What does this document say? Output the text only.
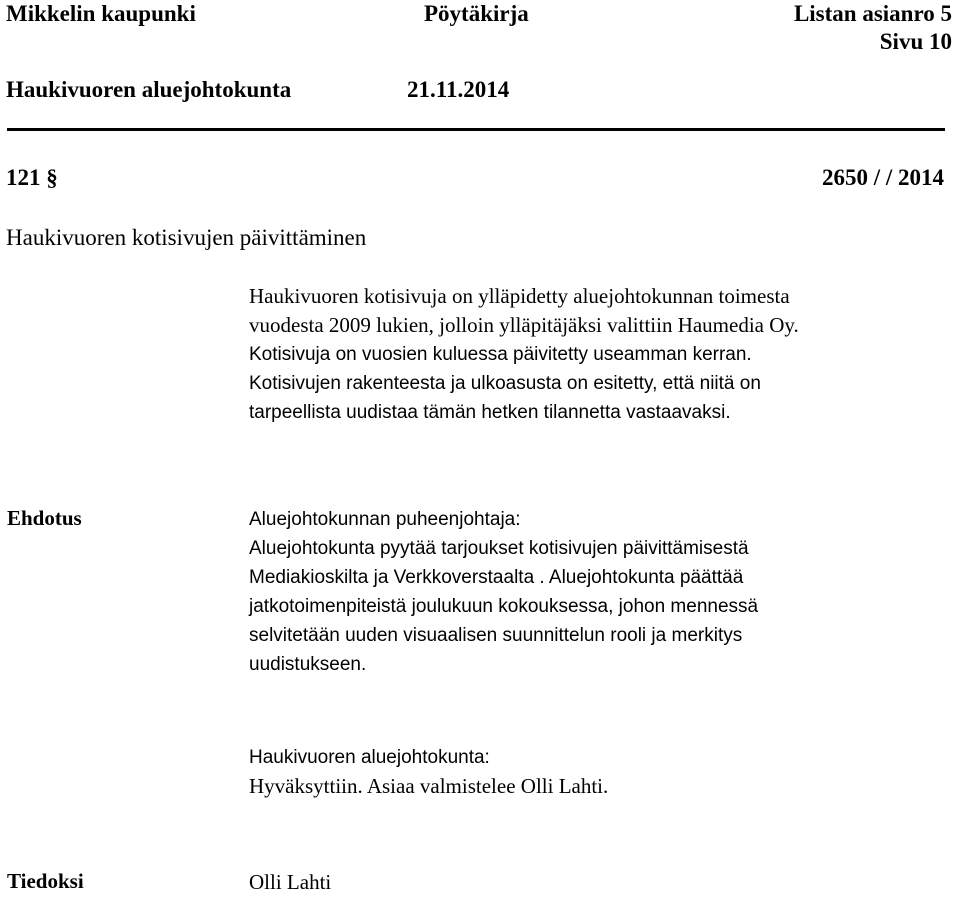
Mikkelin kaupunki	Pöytäkirja	Listan asianro 5
Sivu 10
Haukivuoren aluejohtokunta	21.11.2014
121 §	2650 / / 2014
Haukivuoren kotisivujen päivittäminen
Haukivuoren kotisivuja on ylläpidetty aluejohtokunnan toimesta
vuodesta 2009 lukien, jolloin ylläpitäjäksi valittiin Haumedia Oy.
Kotisivuja on vuosien kuluessa päivitetty useamman kerran.
Kotisivujen rakenteesta ja ulkoasusta on esitetty, että niitä on
tarpeellista uudistaa tämän hetken tilannetta vastaavaksi.
Ehdotus	Aluejohtokunnan puheenjohtaja:
Aluejohtokunta pyytää tarjoukset kotisivujen päivittämisestä
Mediakioskilta ja Verkkoverstaalta . Aluejohtokunta päättää
jatkotoimenpiteistä joulukuun kokouksessa, johon mennessä
selvitetään uuden visuaalisen suunnittelun rooli ja merkitys
uudistukseen.
Haukivuoren aluejohtokunta:
Hyväksyttiin. Asiaa valmistelee Olli Lahti.
Tiedoksi	Olli Lahti
